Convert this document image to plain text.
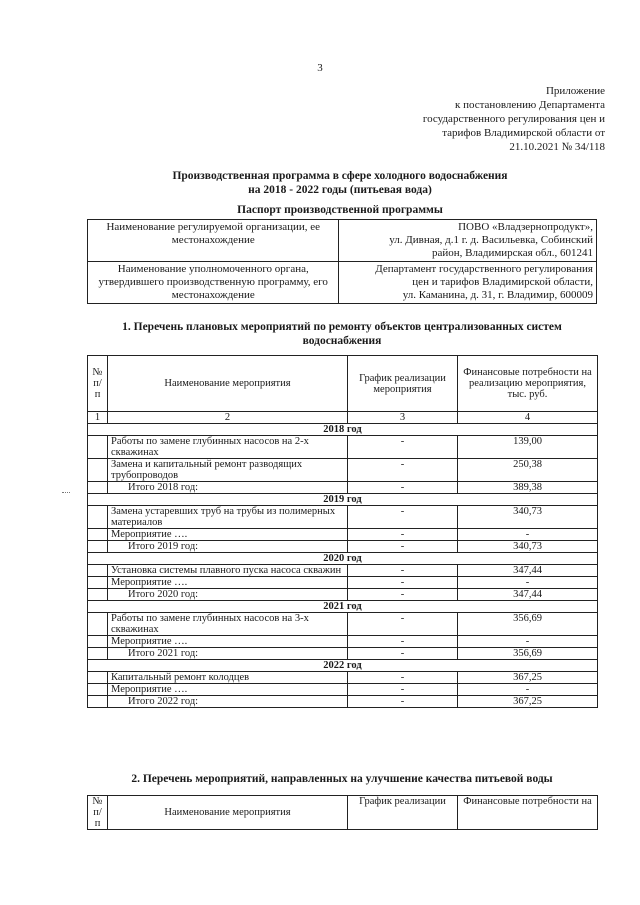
3
Приложение
к постановлению Департамента
государственного регулирования цен и
тарифов Владимирской области от
21.10.2021 № 34/118
Производственная программа в сфере холодного водоснабжения
на 2018 - 2022 годы (питьевая вода)
Паспорт производственной программы
Наименование регулируемой организации, ее местонахождение	ПОВО «Владзернопродукт»,
ул. Дивная, д.1 г. д. Васильевка, Собинский
район, Владимирская обл., 601241

Наименование уполномоченного органа, утвердившего производственную программу, его местонахождение	Департамент государственного регулирования
цен и тарифов Владимирской области,
ул. Каманина, д. 31, г. Владимир, 600009
1. Перечень плановых мероприятий по ремонту объектов централизованных систем водоснабжения
№ п/п	Наименование мероприятия	График реализации мероприятия	Финансовые потребности на реализацию мероприятия, тыс. руб.
1	2	3	4
2018 год			
	Работы по замене глубинных насосов на 2-х скважинах	-	139,00
	Замена и капитальный ремонт разводящих трубопроводов	-	250,38
	Итого 2018 год:	-	389,38
2019 год			
	Замена устаревших труб на трубы из полимерных материалов	-	340,73
	Мероприятие ….	-	-
	Итого 2019 год:	-	340,73
2020 год			
	Установка системы плавного пуска насоса скважин	-	347,44
	Мероприятие ….	-	-
	Итого 2020 год:	-	347,44
2021 год			
	Работы по замене глубинных насосов на 3-х скважинах	-	356,69
	Мероприятие ….	-	-
	Итого 2021 год:	-	356,69
2022 год			
	Капитальный ремонт колодцев	-	367,25
	Мероприятие ….	-	-
	Итого 2022 год:	-	367,25
2. Перечень мероприятий, направленных на улучшение качества питьевой воды
№ п/п	Наименование мероприятия	График реализации	Финансовые потребности на
